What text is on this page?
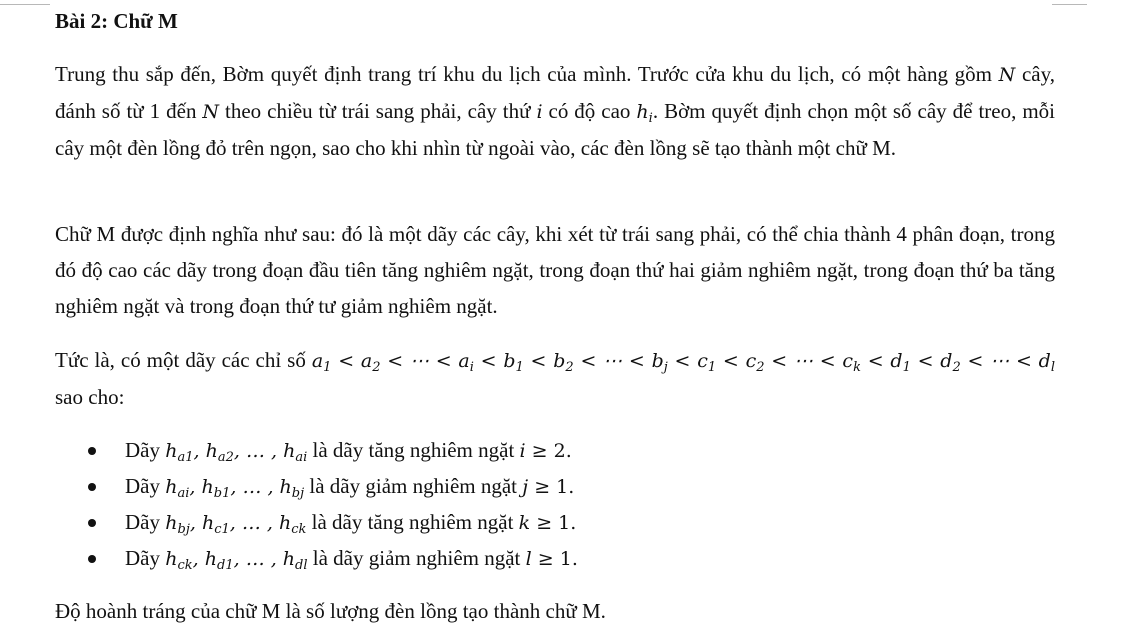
Bài 2: Chữ M
Trung thu sắp đến, Bờm quyết định trang trí khu du lịch của mình. Trước cửa khu du lịch, có một hàng gồm N cây, đánh số từ 1 đến N theo chiều từ trái sang phải, cây thứ i có độ cao $h_i$. Bờm quyết định chọn một số cây để treo, mỗi cây một đèn lồng đỏ trên ngọn, sao cho khi nhìn từ ngoài vào, các đèn lồng sẽ tạo thành một chữ M.
Chữ M được định nghĩa như sau: đó là một dãy các cây, khi xét từ trái sang phải, có thể chia thành 4 phân đoạn, trong đó độ cao các dãy trong đoạn đầu tiên tăng nghiêm ngặt, trong đoạn thứ hai giảm nghiêm ngặt, trong đoạn thứ ba tăng nghiêm ngặt và trong đoạn thứ tư giảm nghiêm ngặt.
Tức là, có một dãy các chỉ số $a_1 < a_2$ < ⋯ < $a_i < b_1 < b_2$ < ⋯ < $b_j < c_1 < c_2$ < ⋯ < $c_k < d_1 < d_2$ < ⋯ < $d_l$ sao cho:
Dãy $h_{a1}$, $h_{a2}$, … , $h_{ai}$ là dãy tăng nghiêm ngặt i ≥ 2.
Dãy $h_{ai}$, $h_{b1}$, … , $h_{bj}$ là dãy giảm nghiêm ngặt j ≥ 1.
Dãy $h_{bj}$, $h_{c1}$, … , $h_{ck}$ là dãy tăng nghiêm ngặt k ≥ 1.
Dãy $h_{ck}$, $h_{d1}$, … , $h_{dl}$ là dãy giảm nghiêm ngặt l ≥ 1.
Độ hoành tráng của chữ M là số lượng đèn lồng tạo thành chữ M.
